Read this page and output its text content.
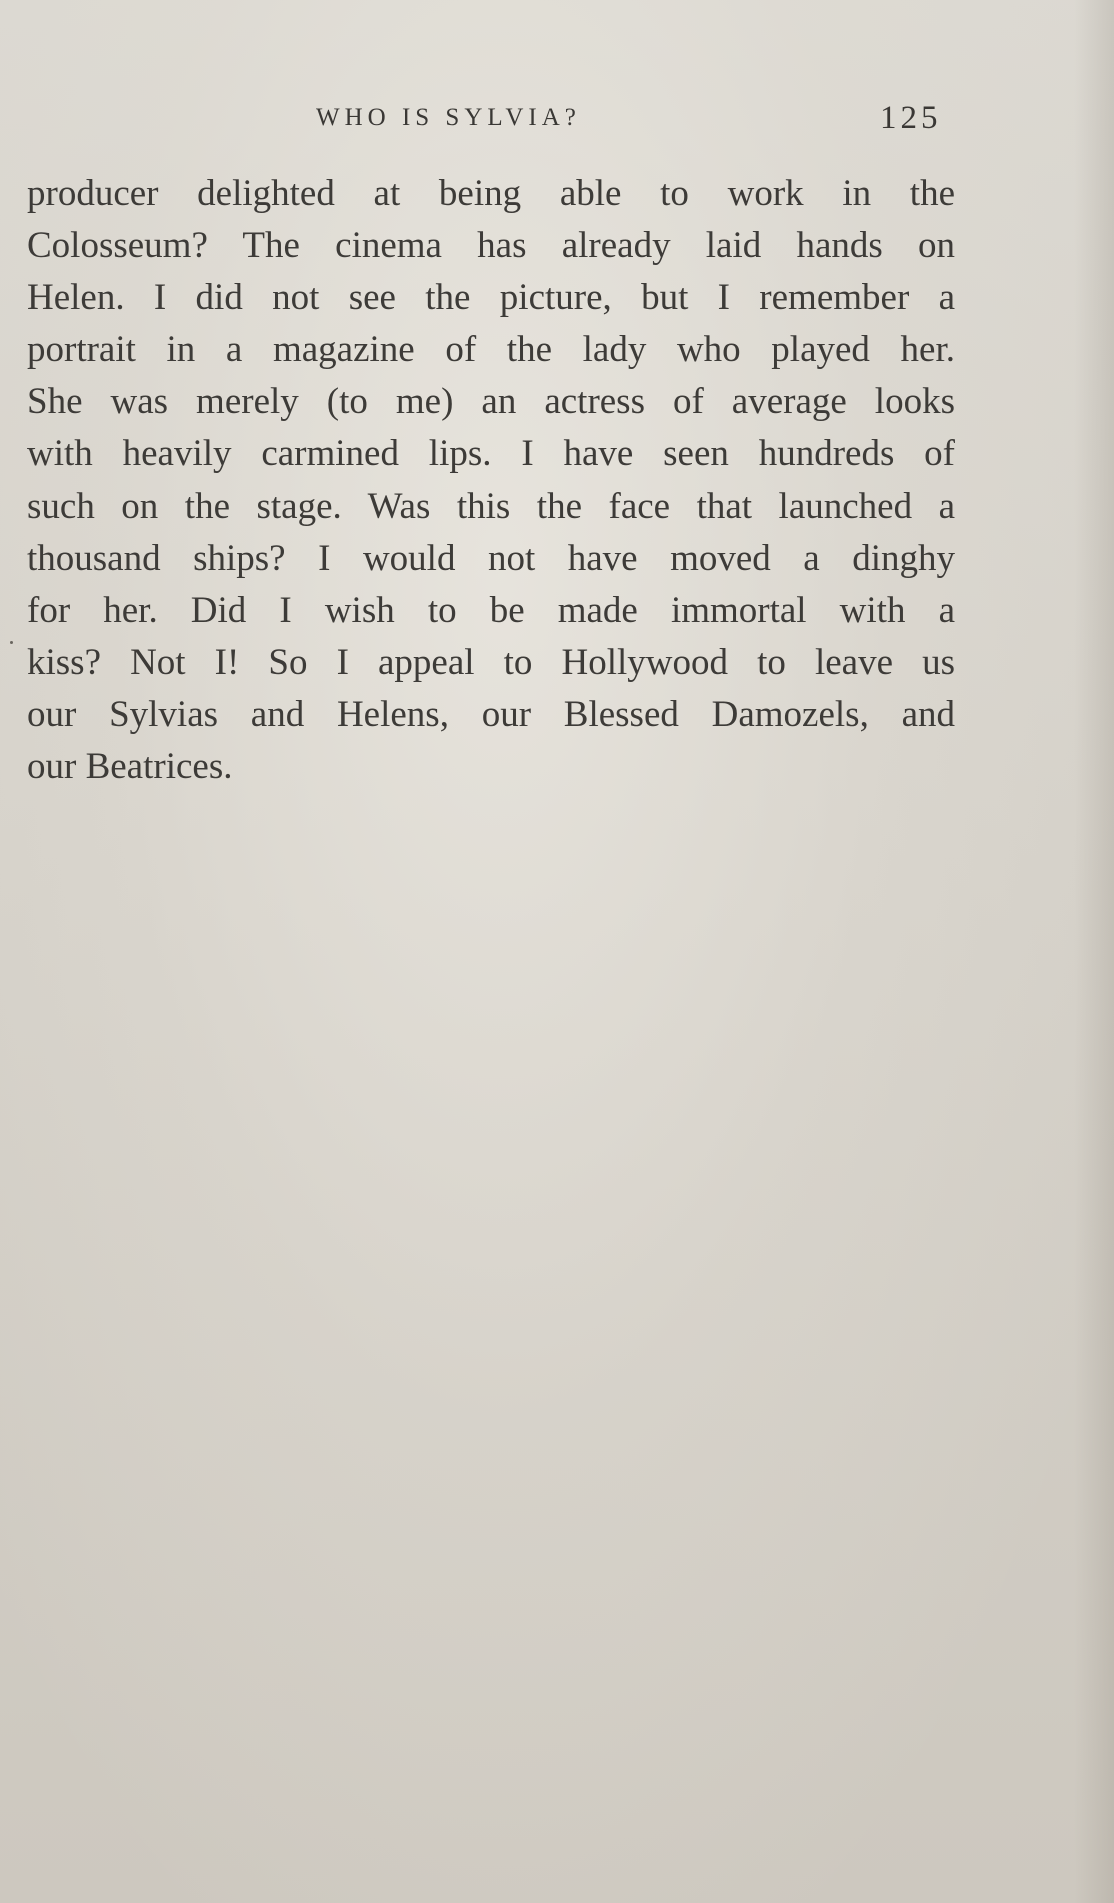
WHO IS SYLVIA?	125
producer delighted at being able to work in the
Colosseum? The cinema has already laid hands on
Helen. I did not see the picture, but I remember a
portrait in a magazine of the lady who played her.
She was merely (to me) an actress of average looks
with heavily carmined lips. I have seen hundreds of
such on the stage. Was this the face that launched a
thousand ships? I would not have moved a dinghy
for her. Did I wish to be made immortal with a
kiss? Not I! So I appeal to Hollywood to leave us
our Sylvias and Helens, our Blessed Damozels, and
our Beatrices.
